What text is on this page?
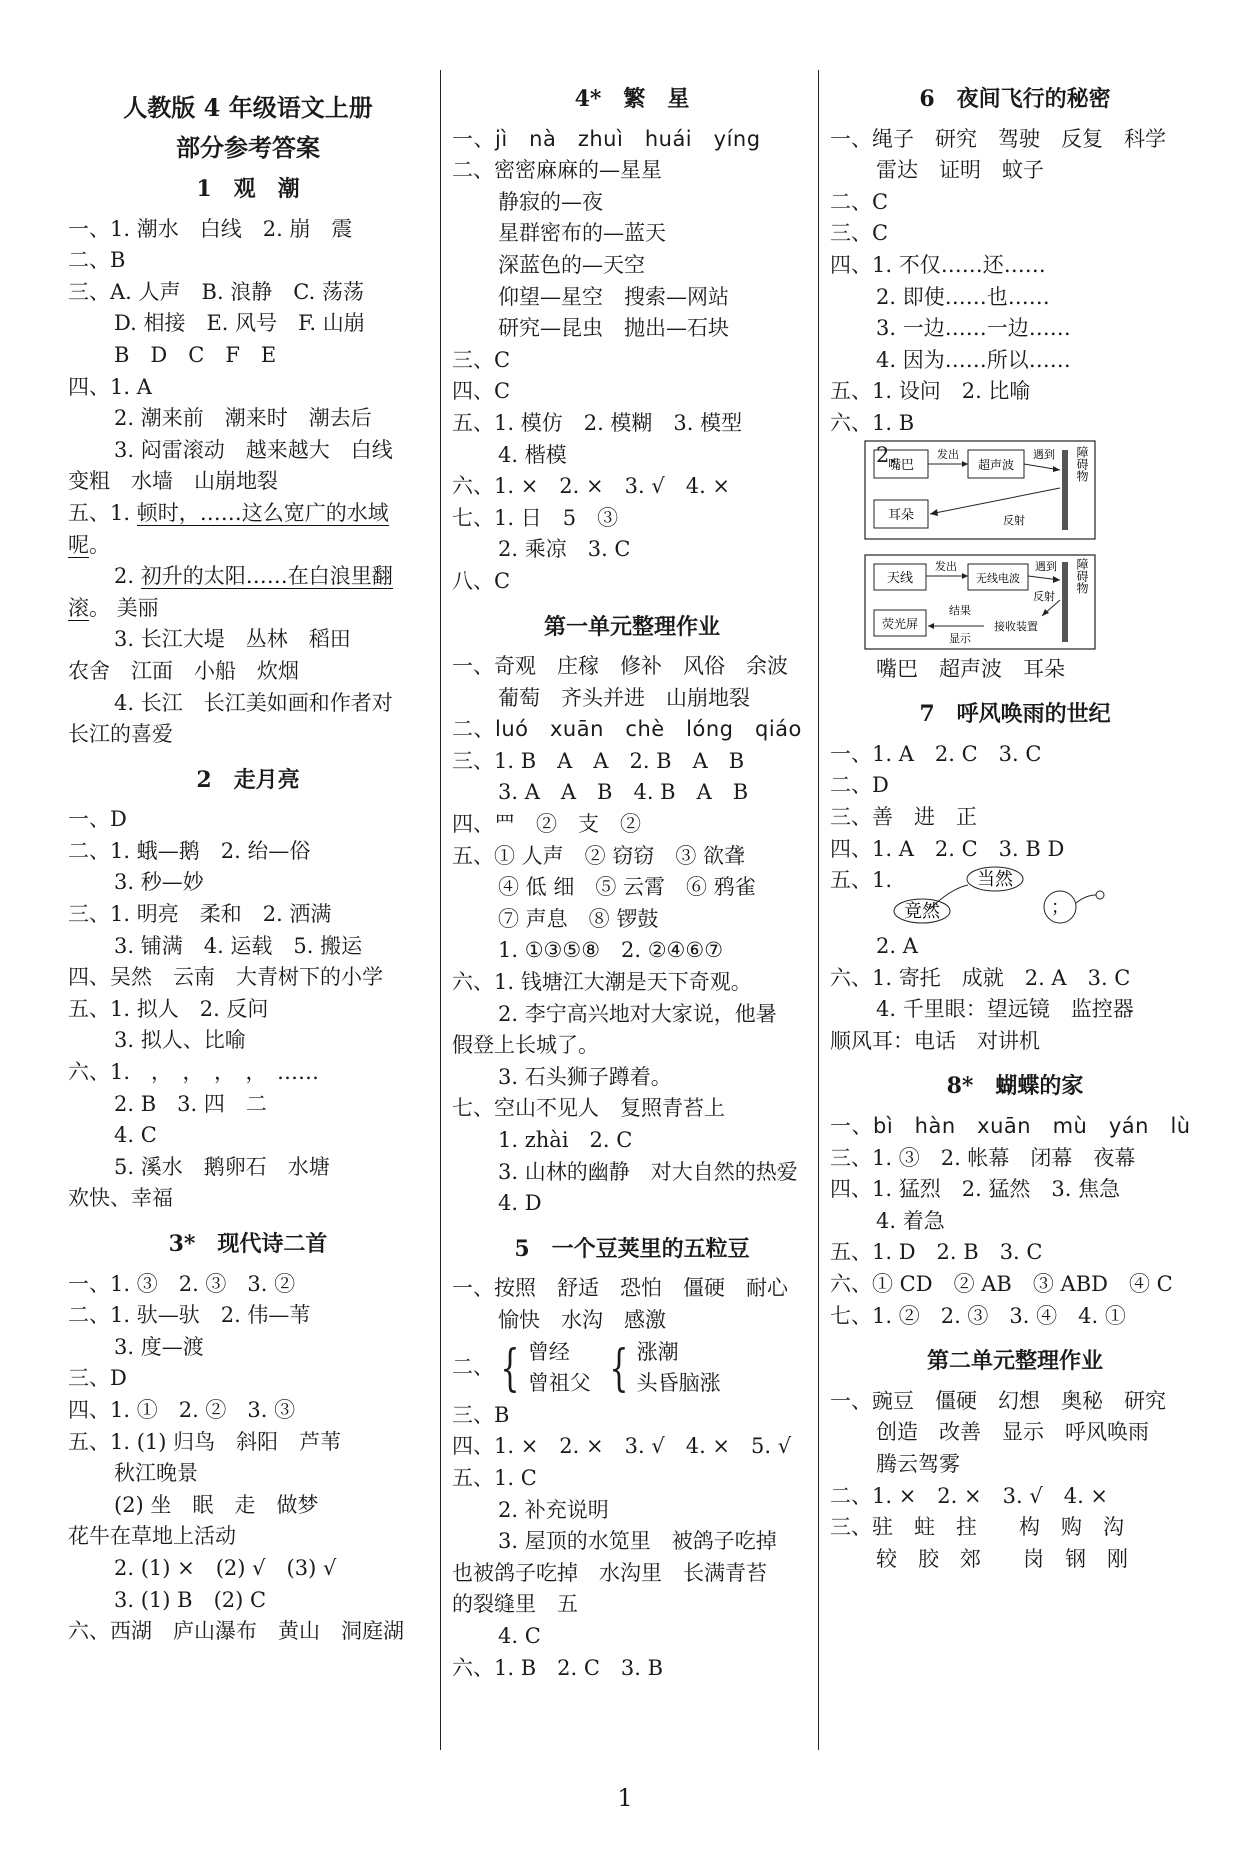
人教版 4 年级语文上册
部分参考答案
1　观　潮
一、1. 潮水　白线　2. 崩　震
二、B
三、A. 人声　B. 浪静　C. 荡荡
D. 相接　E. 风号　F. 山崩
B　D　C　F　E
四、1. A
2. 潮来前　潮来时　潮去后
3. 闷雷滚动　越来越大　白线
变粗　水墙　山崩地裂
五、1. 顿时，……这么宽广的水域
呢。
2. 初升的太阳……在白浪里翻
滚。 美丽
3. 长江大堤　丛林　稻田
农舍　江面　小船　炊烟
4. 长江　长江美如画和作者对
长江的喜爱
2　走月亮
一、D
二、1. 蛾—鹅　2. 绐—俗
3. 秒—妙
三、1. 明亮　柔和　2. 洒满
3. 铺满　4. 运载　5. 搬运
四、吴然　云南　大青树下的小学
五、1. 拟人　2. 反问
3. 拟人、比喻
六、1.　，　，　，　，　……
2. B　3. 四　二
4. C
5. 溪水　鹅卵石　水塘
欢快、幸福
3*　现代诗二首
一、1. ③　2. ③　3. ②
二、1. 驮—驮　2. 伟—苇
3. 度—渡
三、D
四、1. ①　2. ②　3. ③
五、1. (1) 归鸟　斜阳　芦苇
秋江晚景
(2) 坐　眠　走　做梦
花牛在草地上活动
2. (1) ×　(2) √　(3) √
3. (1) B　(2) C
六、西湖　庐山瀑布　黄山　洞庭湖
4*　繁　星
一、jì　nà　zhuì　huái　yíng
二、密密麻麻的—星星
静寂的—夜
星群密布的—蓝天
深蓝色的—天空
仰望—星空　搜索—网站
研究—昆虫　抛出—石块
三、C
四、C
五、1. 模仿　2. 模糊　3. 模型
4. 楷模
六、1. ×　2. ×　3. √　4. ×
七、1. 日　5　③
2. 乘凉　3. C
八、C
第一单元整理作业
一、奇观　庄稼　修补　风俗　余波
葡萄　齐头并进　山崩地裂
二、luó　xuān　chè　lóng　qiáo
三、1. B　A　A　2. B　A　B
3. A　A　B　4. B　A　B
四、罒　②　支　②
五、① 人声　② 窃窃　③ 欲聋
④ 低 细　⑤ 云霄　⑥ 鸦雀
⑦ 声息　⑧ 锣鼓
1. ①③⑤⑧　2. ②④⑥⑦
六、1. 钱塘江大潮是天下奇观。
2. 李宁高兴地对大家说，他暑
假登上长城了。
3. 石头狮子蹲着。
七、空山不见人　复照青苔上
1. zhài　2. C
3. 山林的幽静　对大自然的热爱
4. D
5　一个豆荚里的五粒豆
一、按照　舒适　恐怕　僵硬　耐心
愉快　水沟　感激
二、 { 曾经
曾祖父 { 涨潮
头昏脑涨
三、B
四、1. ×　2. ×　3. √　4. ×　5. √
五、1. C
2. 补充说明
3. 屋顶的水笕里　被鸽子吃掉
也被鸽子吃掉　水沟里　长满青苔
的裂缝里　五
4. C
六、1. B　2. C　3. B
6　夜间飞行的秘密
一、绳子　研究　驾驶　反复　科学
雷达　证明　蚊子
二、C
三、C
四、1. 不仅……还……
2. 即使……也……
3. 一边……一边……
4. 因为……所以……
五、1. 设问　2. 比喻
六、1. B
2.
嘴巴
发出
超声波
遇到 障碍物
耳朵	反射
天线
发出
无线电波
遇到 障碍物
荧光屏
结果
显示
接收装置
反射
嘴巴　超声波　耳朵
7　呼风唤雨的世纪
一、1. A　2. C　3. C
二、D
三、善　进　正
四、1. A　2. C　3. B D
五、1.	当然
竟然	；
2. A
六、1. 寄托　成就　2. A　3. C
4. 千里眼：望远镜　监控器
顺风耳：电话　对讲机
8*　蝴蝶的家
一、bì　hàn　xuān　mù　yán　lù
三、1. ③　2. 帐幕　闭幕　夜幕
四、1. 猛烈　2. 猛然　3. 焦急
4. 着急
五、1. D　2. B　3. C
六、① CD　② AB　③ ABD　④ C
七、1. ②　2. ③　3. ④　4. ①
第二单元整理作业
一、豌豆　僵硬　幻想　奥秘　研究
创造　改善　显示　呼风唤雨
腾云驾雾
二、1. ×　2. ×　3. √　4. ×
三、驻　蛀　拄　　构　购　沟
较　胶　郊　　岗　钢　刚
1
